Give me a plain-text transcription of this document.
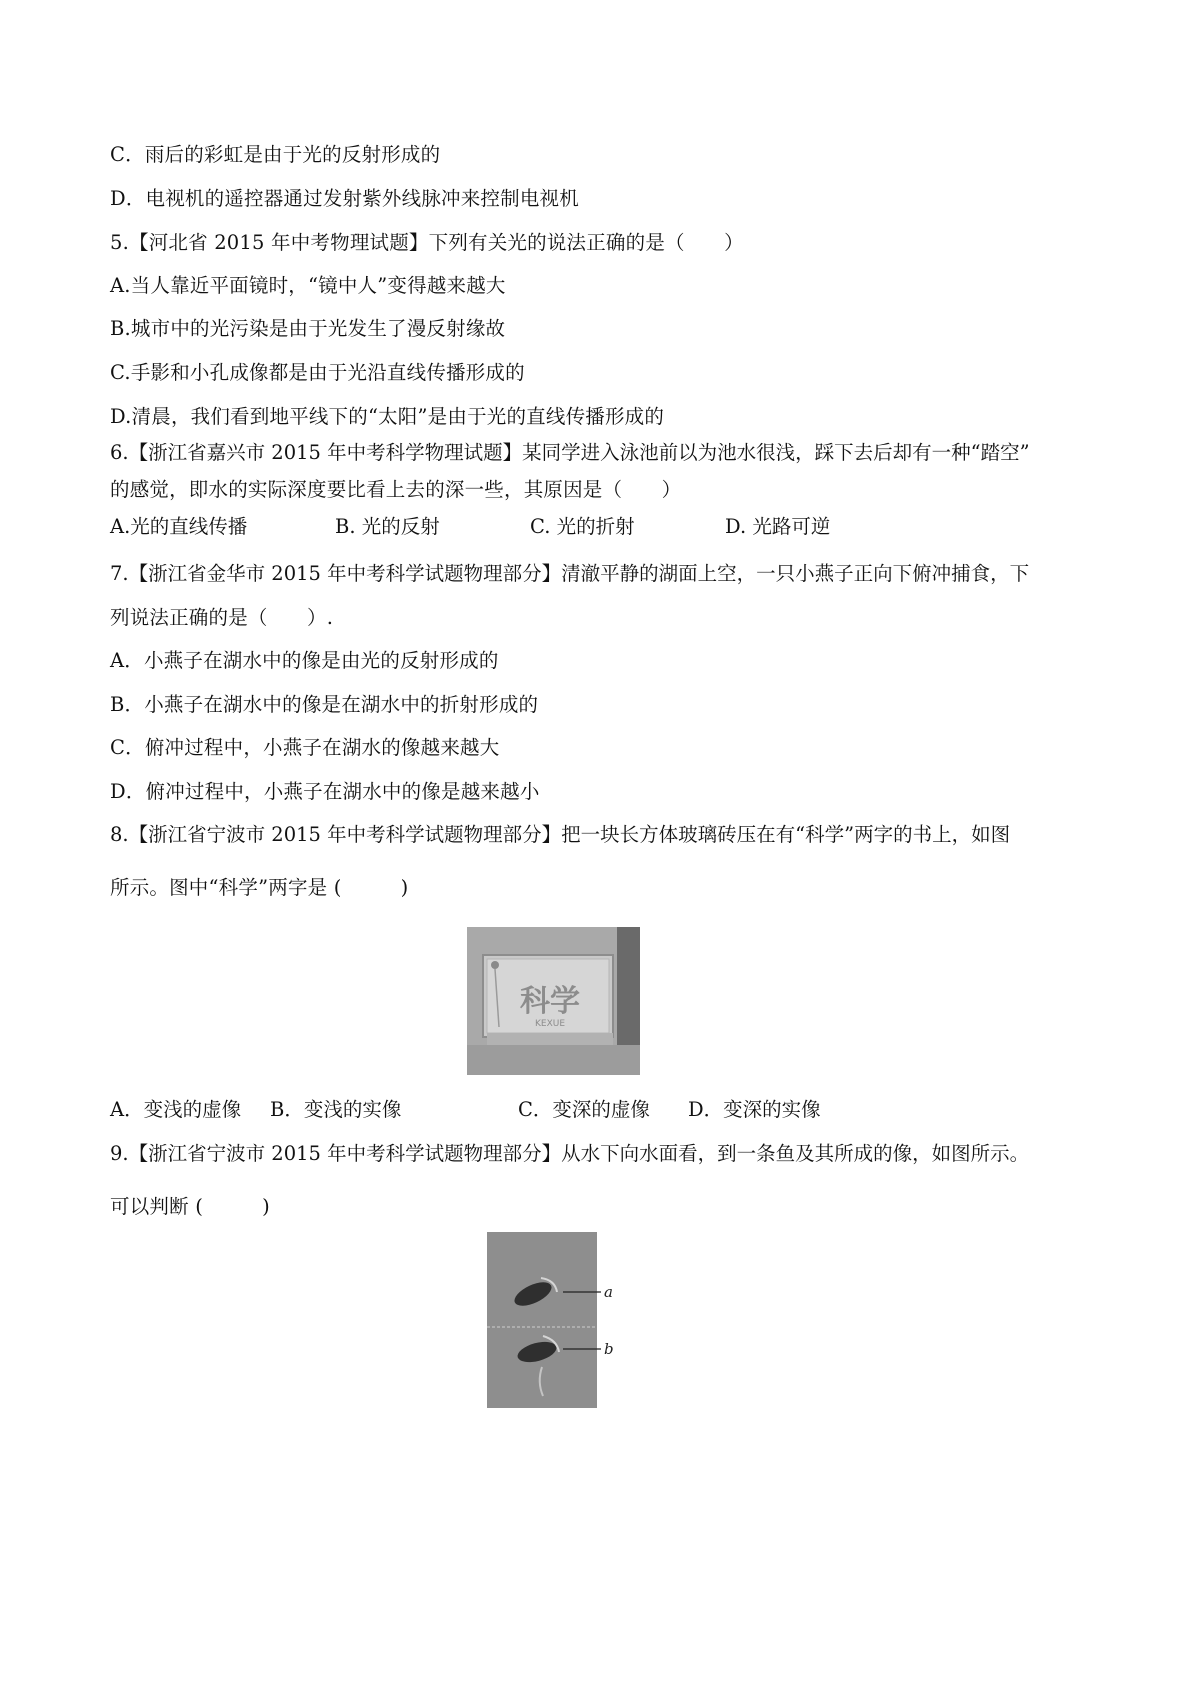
C．雨后的彩虹是由于光的反射形成的
D．电视机的遥控器通过发射紫外线脉冲来控制电视机
5.【河北省 2015 年中考物理试题】下列有关光的说法正确的是（　　）
A.当人靠近平面镜时，“镜中人”变得越来越大
B.城市中的光污染是由于光发生了漫反射缘故
C.手影和小孔成像都是由于光沿直线传播形成的
D.清晨，我们看到地平线下的“太阳”是由于光的直线传播形成的
6.【浙江省嘉兴市 2015 年中考科学物理试题】某同学进入泳池前以为池水很浅，踩下去后却有一种“踏空”
的感觉，即水的实际深度要比看上去的深一些，其原因是（　　）
A.光的直线传播	B. 光的反射	C. 光的折射	D. 光路可逆
7.【浙江省金华市 2015 年中考科学试题物理部分】清澈平静的湖面上空，一只小燕子正向下俯冲捕食，下
列说法正确的是（　　）.
A．小燕子在湖水中的像是由光的反射形成的
B．小燕子在湖水中的像是在湖水中的折射形成的
C．俯冲过程中，小燕子在湖水的像越来越大
D．俯冲过程中，小燕子在湖水中的像是越来越小
8.【浙江省宁波市 2015 年中考科学试题物理部分】把一块长方体玻璃砖压在有“科学”两字的书上，如图
所示。图中“科学”两字是 (　　　)
科学
KEXUE
A．变浅的虚像 B．变浅的实像	C．变深的虚像 D．变深的实像
9.【浙江省宁波市 2015 年中考科学试题物理部分】从水下向水面看，到一条鱼及其所成的像，如图所示。
可以判断 (　　　)
a
b
